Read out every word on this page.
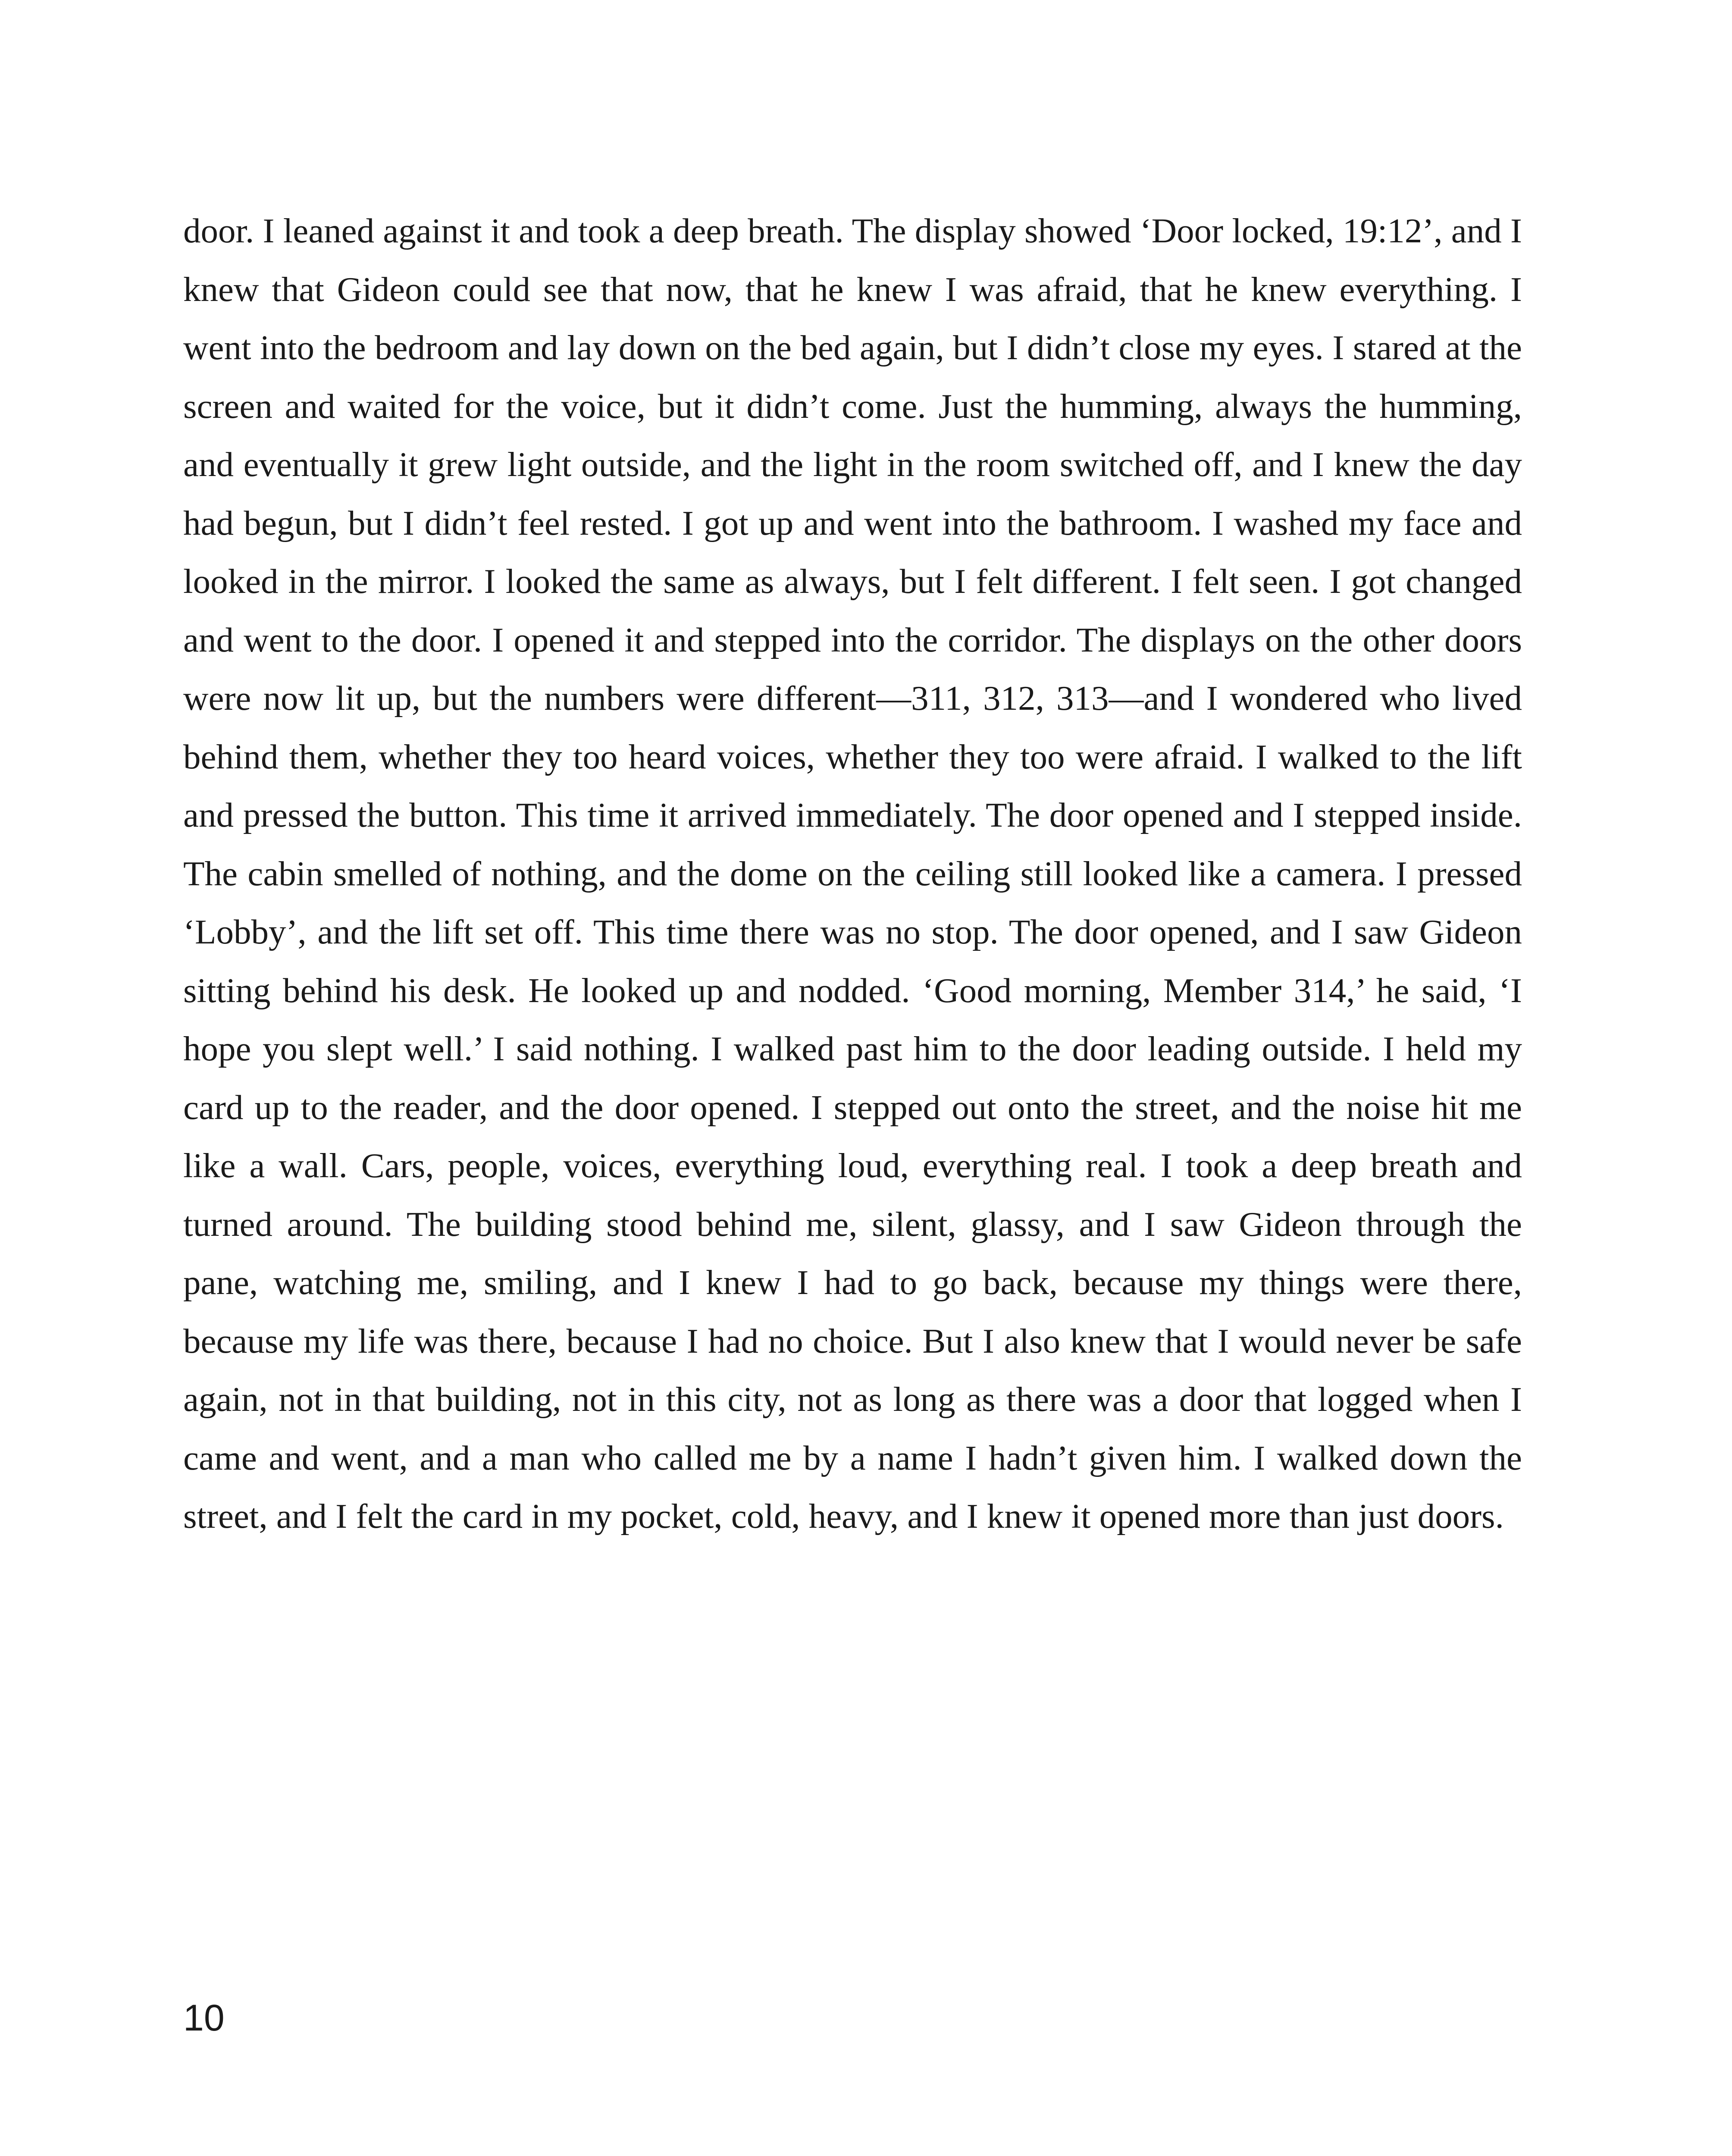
door. I leaned against it and took a deep breath. The display showed ‘Door locked, 19:12’, and I knew that Gideon could see that now, that he knew I was afraid, that he knew everything. I went into the bedroom and lay down on the bed again, but I didn’t close my eyes. I stared at the screen and waited for the voice, but it didn’t come. Just the humming, always the humming, and eventually it grew light outside, and the light in the room switched off, and I knew the day had begun, but I didn’t feel rested. I got up and went into the bathroom. I washed my face and looked in the mirror. I looked the same as always, but I felt different. I felt seen. I got changed and went to the door. I opened it and stepped into the corridor. The displays on the other doors were now lit up, but the numbers were different—311, 312, 313—and I wondered who lived behind them, whether they too heard voices, whether they too were afraid. I walked to the lift and pressed the button. This time it arrived immediately. The door opened and I stepped inside. The cabin smelled of nothing, and the dome on the ceiling still looked like a camera. I pressed ‘Lobby’, and the lift set off. This time there was no stop. The door opened, and I saw Gideon sitting behind his desk. He looked up and nodded. ‘Good morning, Member 314,’ he said, ‘I hope you slept well.’ I said nothing. I walked past him to the door leading outside. I held my card up to the reader, and the door opened. I stepped out onto the street, and the noise hit me like a wall. Cars, people, voices, everything loud, everything real. I took a deep breath and turned around. The building stood behind me, silent, glassy, and I saw Gideon through the pane, watching me, smiling, and I knew I had to go back, because my things were there, because my life was there, because I had no choice. But I also knew that I would never be safe again, not in that building, not in this city, not as long as there was a door that logged when I came and went, and a man who called me by a name I hadn’t given him. I walked down the street, and I felt the card in my pocket, cold, heavy, and I knew it opened more than just doors.

10
